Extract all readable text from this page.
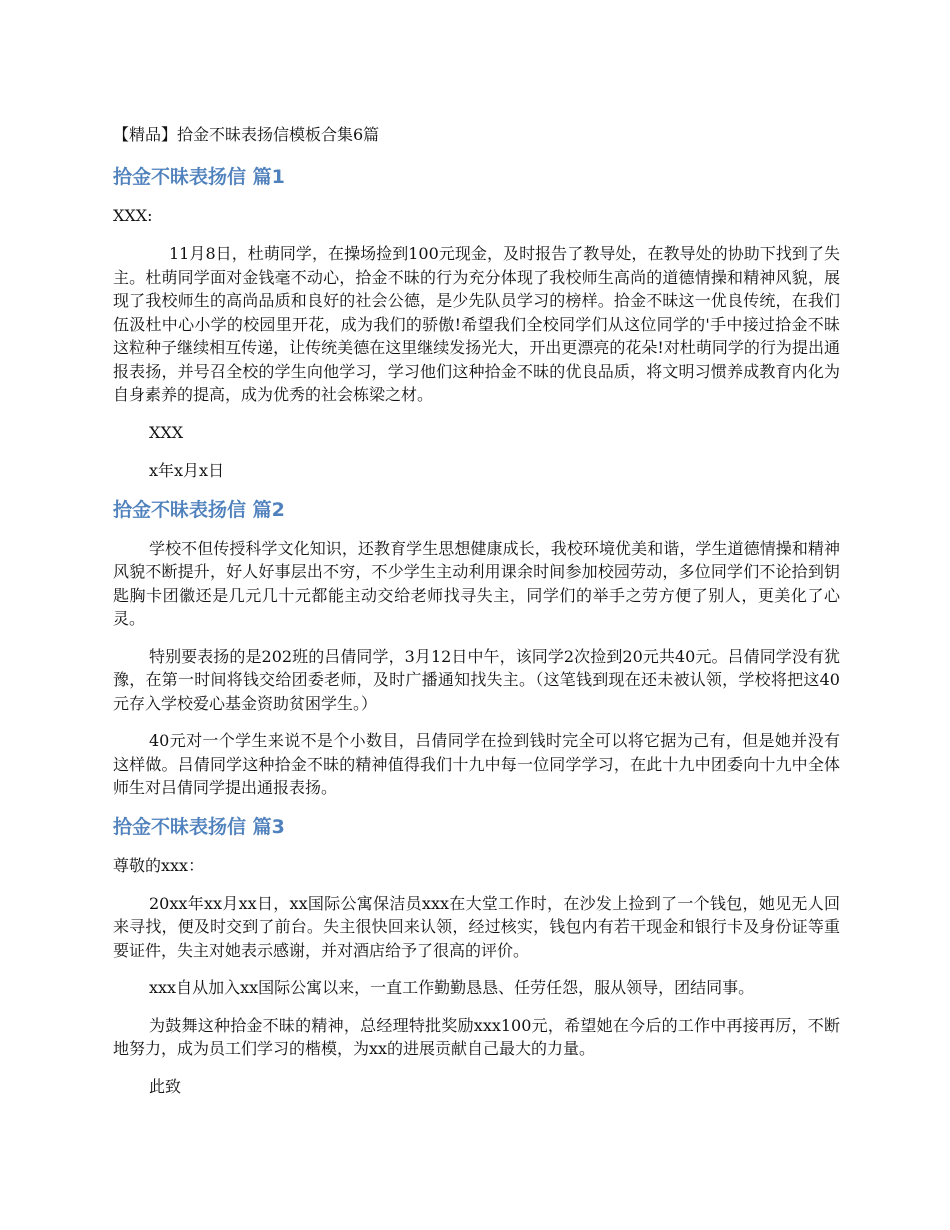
【精品】拾金不昧表扬信模板合集6篇
拾金不昧表扬信 篇1
XXX:
11月8日，杜萌同学，在操场捡到100元现金，及时报告了教导处，在教导处的协助下找到了失主。杜萌同学面对金钱毫不动心，拾金不昧的行为充分体现了我校师生高尚的道德情操和精神风貌，展现了我校师生的高尚品质和良好的社会公德，是少先队员学习的榜样。拾金不昧这一优良传统，在我们伍汲杜中心小学的校园里开花，成为我们的骄傲!希望我们全校同学们从这位同学的'手中接过拾金不昧这粒种子继续相互传递，让传统美德在这里继续发扬光大，开出更漂亮的花朵!对杜萌同学的行为提出通报表扬，并号召全校的学生向他学习，学习他们这种拾金不昧的优良品质，将文明习惯养成教育内化为自身素养的提高，成为优秀的社会栋梁之材。
XXX
x年x月x日
拾金不昧表扬信 篇2
学校不但传授科学文化知识，还教育学生思想健康成长，我校环境优美和谐，学生道德情操和精神风貌不断提升，好人好事层出不穷，不少学生主动利用课余时间参加校园劳动，多位同学们不论拾到钥匙胸卡团徽还是几元几十元都能主动交给老师找寻失主，同学们的举手之劳方便了别人，更美化了心灵。
特别要表扬的是202班的吕倩同学，3月12日中午，该同学2次捡到20元共40元。吕倩同学没有犹豫，在第一时间将钱交给团委老师，及时广播通知找失主。（这笔钱到现在还未被认领，学校将把这40元存入学校爱心基金资助贫困学生。）
40元对一个学生来说不是个小数目，吕倩同学在捡到钱时完全可以将它据为己有，但是她并没有这样做。吕倩同学这种拾金不昧的精神值得我们十九中每一位同学学习，在此十九中团委向十九中全体师生对吕倩同学提出通报表扬。
拾金不昧表扬信 篇3
尊敬的xxx：
20xx年xx月xx日，xx国际公寓保洁员xxx在大堂工作时，在沙发上捡到了一个钱包，她见无人回来寻找，便及时交到了前台。失主很快回来认领，经过核实，钱包内有若干现金和银行卡及身份证等重要证件，失主对她表示感谢，并对酒店给予了很高的评价。
xxx自从加入xx国际公寓以来，一直工作勤勤恳恳、任劳任怨，服从领导，团结同事。
为鼓舞这种拾金不昧的精神，总经理特批奖励xxx100元，希望她在今后的工作中再接再厉，不断地努力，成为员工们学习的楷模，为xx的进展贡献自己最大的力量。
此致
